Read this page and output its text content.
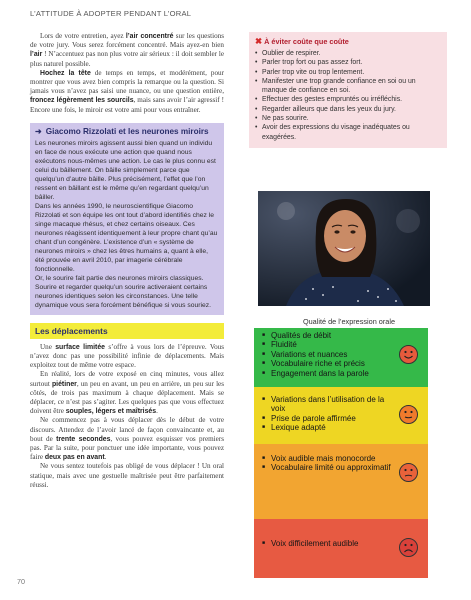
L’ATTITUDE À ADOPTER PENDANT L’ORAL

Lors de votre entretien, ayez l’air concentré sur les questions de votre jury. Vous serez forcément concentré. Mais ayez-en bien l’air ! N’accentuez pas non plus votre air sérieux : il doit sembler le plus naturel possible.

Hochez la tête de temps en temps, et modérément, pour montrer que vous avez bien compris la remarque ou la question. Si jamais vous n’avez pas saisi une nuance, ou une question entière, froncez légèrement les sourcils, mais sans avoir l’air agressif ! Encore une fois, le miroir est votre ami pour vous entraîner.

➜ Giacomo Rizzolati et les neurones miroirs

Les neurones miroirs agissent aussi bien quand un individu en face de nous exécute une action que quand nous exécutons nous-mêmes une action. Le cas le plus connu est celui du bâillement. On bâille simplement parce que quelqu’un d’autre bâille. Plus précisément, l’effet que l’on ressent en bâillant est le même qu’en regardant quelqu’un bâiller.

Dans les années 1990, le neuroscientifique Giacomo Rizzolati et son équipe les ont tout d’abord identifiés chez le singe macaque rhésus, et chez certains oiseaux. Ces neurones réagissent identiquement à leur propre chant qu’au chant d’un congénère. L’existence d’un « système de neurones miroirs » chez les êtres humains a, quant à elle, été prouvée en avril 2010, par imagerie cérébrale fonctionnelle.

Or, le sourire fait partie des neurones miroirs classiques. Sourire et regarder quelqu’un sourire activeraient certains neurones identiques selon les circonstances. Une telle dynamique vous sera forcément bénéfique si vous souriez.

Les déplacements

Une surface limitée s’offre à vous lors de l’épreuve. Vous n’avez donc pas une possibilité infinie de déplacements. Mais exploitez tout de même votre espace.

En réalité, lors de votre exposé en cinq minutes, vous allez surtout piétiner, un peu en avant, un peu en arrière, un peu sur les côtés, de trois pas maximum à chaque déplacement. Mais se déplacer, ce n’est pas s’agiter. Les quelques pas que vous effectuez doivent être souples, légers et maîtrisés.

Ne commencez pas à vous déplacer dès le début de votre discours. Attendez de l’avoir lancé de façon convaincante et, au bout de trente secondes, vous pouvez esquisser vos premiers pas. Par la suite, pour ponctuer une idée importante, vous pouvez faire deux pas en avant.

Ne vous sentez toutefois pas obligé de vous déplacer ! Un oral statique, mais avec une gestuelle maîtrisée peut être parfaitement réussi.

✖ À éviter coûte que coûte
• Oublier de respirer.
• Parler trop fort ou pas assez fort.
• Parler trop vite ou trop lentement.
• Manifester une trop grande confiance en soi ou un manque de confiance en soi.
• Effectuer des gestes empruntés ou irréfléchis.
• Regarder ailleurs que dans les yeux du jury.
• Ne pas sourire.
• Avoir des expressions du visage inadéquates ou exagérées.
Qualité de l’expression orale
■ Qualités de débit
■ Fluidité
■ Variations et nuances
■ Vocabulaire riche et précis
■ Engagement dans la parole
■ Variations dans l’utilisation de la voix
■ Prise de parole affirmée
■ Lexique adapté
■ Voix audible mais monocorde
■ Vocabulaire limité ou approximatif
■ Voix difficilement audible
70
